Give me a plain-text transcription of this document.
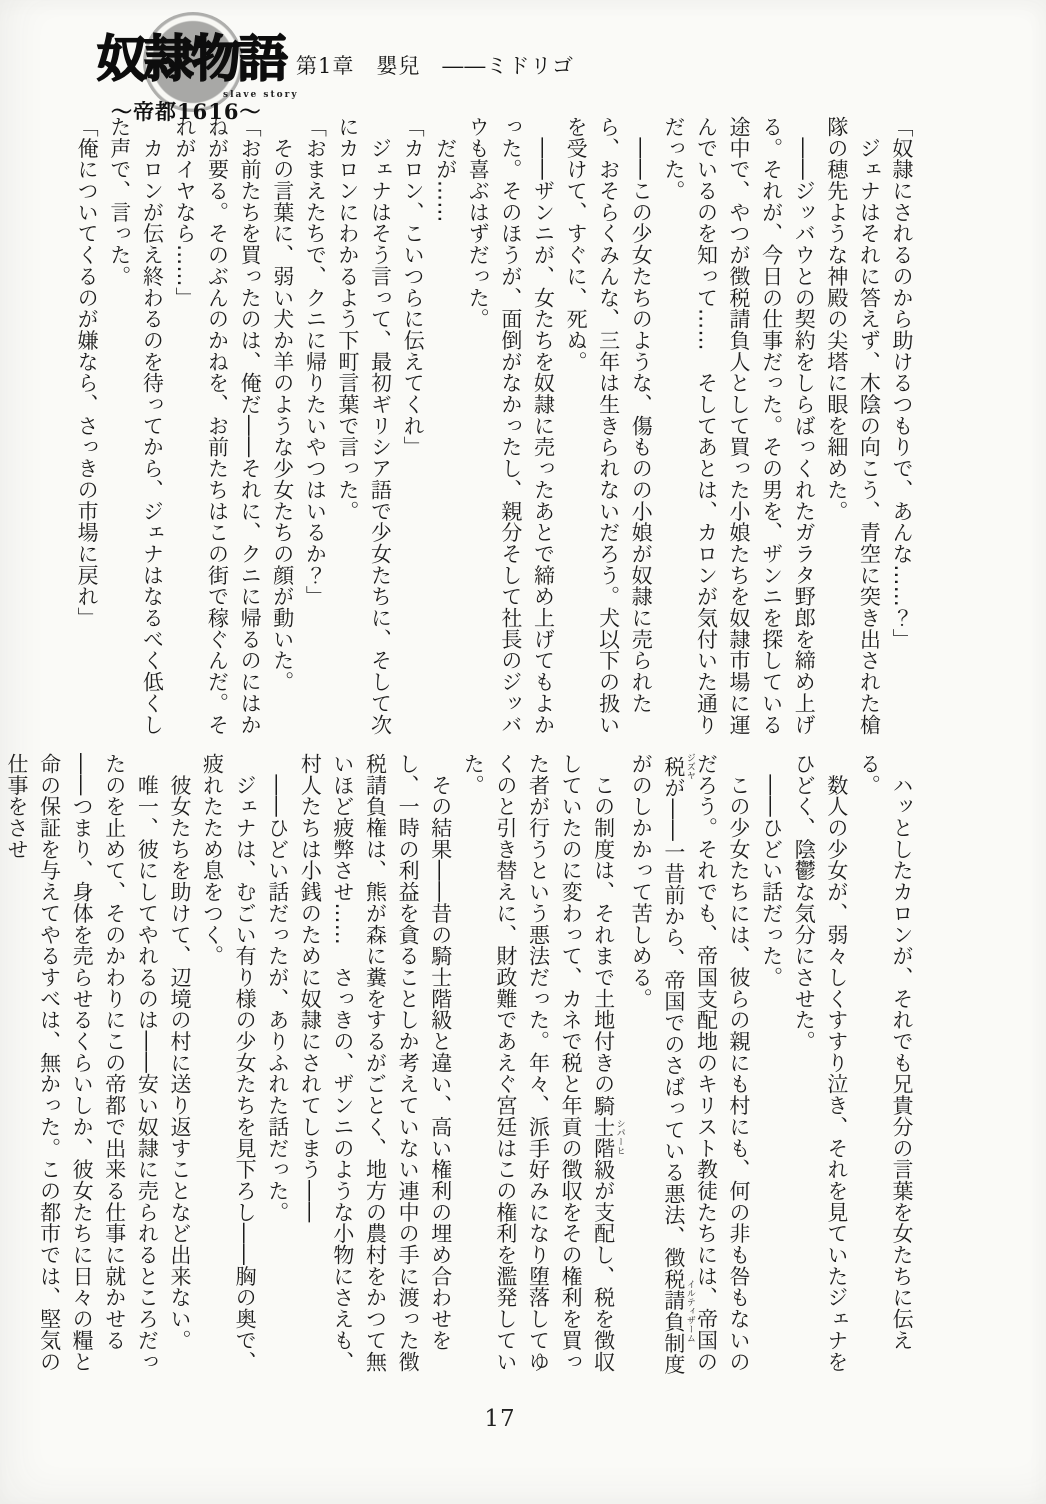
奴隷物語
slave story
～帝都1616～
第1章　嬰兒　――ミドリゴ

「奴隷にされるのから助けるつもりで、あんな……？」

　ジェナはそれに答えず、木陰の向こう、青空に突き出された槍隊の穂先ような神殿の尖塔に眼を細めた。

　――ジッバウとの契約をしらばっくれたガラタ野郎を締め上げる。それが、今日の仕事だった。その男を、ザンニを探している途中で、やつが徴税請負人として買った小娘たちを奴隷市場に運んでいるのを知って……　そしてあとは、カロンが気付いた通りだった。

　――この少女たちのような、傷ものの小娘が奴隷に売られたら、おそらくみんな、三年は生きられないだろう。犬以下の扱いを受けて、すぐに、死ぬ。

　――ザンニが、女たちを奴隷に売ったあとで締め上げてもよかった。そのほうが、面倒がなかったし、親分そして社長のジッバウも喜ぶはずだった。

　だが……

「カロン、こいつらに伝えてくれ」

　ジェナはそう言って、最初ギリシア語で少女たちに、そして次にカロンにわかるよう下町言葉で言った。

「おまえたちで、クニに帰りたいやつはいるか？」

　その言葉に、弱い犬か羊のような少女たちの顔が動いた。

「お前たちを買ったのは、俺だ――それに、クニに帰るのにはかねが要る。そのぶんのかねを、お前たちはこの街で稼ぐんだ。それがイヤなら……」

　カロンが伝え終わるのを待ってから、ジェナはなるべく低くした声で、言った。

「俺についてくるのが嫌なら、さっきの市場に戻れ」

　ハッとしたカロンが、それでも兄貴分の言葉を女たちに伝える。

　数人の少女が、弱々しくすすり泣き、それを見ていたジェナをひどく、陰鬱な気分にさせた。

　――ひどい話だった。

　この少女たちには、彼らの親にも村にも、何の非も咎もないのだろう。それでも、帝国支配地のキリスト教徒たちには、帝国の税 ジズヤが――一昔前から、帝国でのさばっている悪法、徴税請負制度 イルティザームがのしかかって苦しめる。

　この制度は、それまで土地付きの騎士階級 シパーヒが支配し、税を徴収していたのに変わって、カネで税と年貢の徴収をその権利を買った者が行うという悪法だった。年々、派手好みになり堕落してゆくのと引き替えに、財政難であえぐ宮廷はこの権利を濫発していた。

　その結果――昔の騎士階級と違い、高い権利の埋め合わせをし、一時の利益を貪ることしか考えていない連中の手に渡った徴税請負権は、熊が森に糞をするがごとく、地方の農村をかつて無いほど疲弊させ……　さっきの、ザンニのような小物にさえも、村人たちは小銭のために奴隷にされてしまう――

　――ひどい話だったが、ありふれた話だった。

　ジェナは、むごい有り様の少女たちを見下ろし――胸の奥で、疲れたため息をつく。

　彼女たちを助けて、辺境の村に送り返すことなど出来ない。

　唯一、彼にしてやれるのは――安い奴隷に売られるところだったのを止めて、そのかわりにこの帝都で出来る仕事に就かせる――つまり、身体を売らせるくらいしか、彼女たちに日々の糧と命の保証を与えてやるすべは、無かった。この都市では、堅気の仕事をさせ

17
